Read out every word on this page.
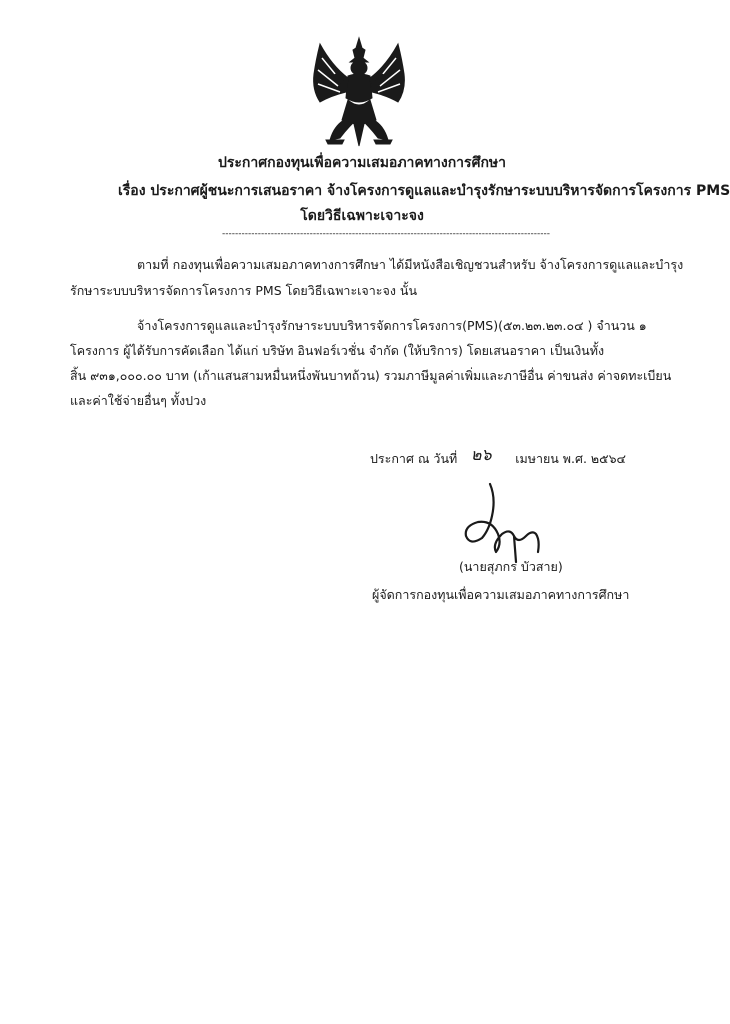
ประกาศกองทุนเพื่อความเสมอภาคทางการศึกษา
เรื่อง ประกาศผู้ชนะการเสนอราคา จ้างโครงการดูแลและบำรุงรักษาระบบบริหารจัดการโครงการ PMS
โดยวิธีเฉพาะเจาะจง
-----------------------------------------------------------------------------------------------------
ตามที่ กองทุนเพื่อความเสมอภาคทางการศึกษา ได้มีหนังสือเชิญชวนสำหรับ จ้างโครงการดูแลและบำรุง
รักษาระบบบริหารจัดการโครงการ PMS โดยวิธีเฉพาะเจาะจง นั้น
จ้างโครงการดูแลและบำรุงรักษาระบบบริหารจัดการโครงการ(PMS)(๕๓.๒๓.๒๓.๐๔ ) จำนวน ๑
โครงการ ผู้ได้รับการคัดเลือก ได้แก่ บริษัท อินฟอร์เวชั่น จำกัด (ให้บริการ) โดยเสนอราคา เป็นเงินทั้ง
สิ้น ๙๓๑,๐๐๐.๐๐ บาท (เก้าแสนสามหมื่นหนึ่งพันบาทถ้วน) รวมภาษีมูลค่าเพิ่มและภาษีอื่น ค่าขนส่ง ค่าจดทะเบียน
และค่าใช้จ่ายอื่นๆ ทั้งปวง
ประกาศ ณ วันที่ ๒๖ เมษายน พ.ศ. ๒๕๖๔
(นายสุภกร บัวสาย)
ผู้จัดการกองทุนเพื่อความเสมอภาคทางการศึกษา
